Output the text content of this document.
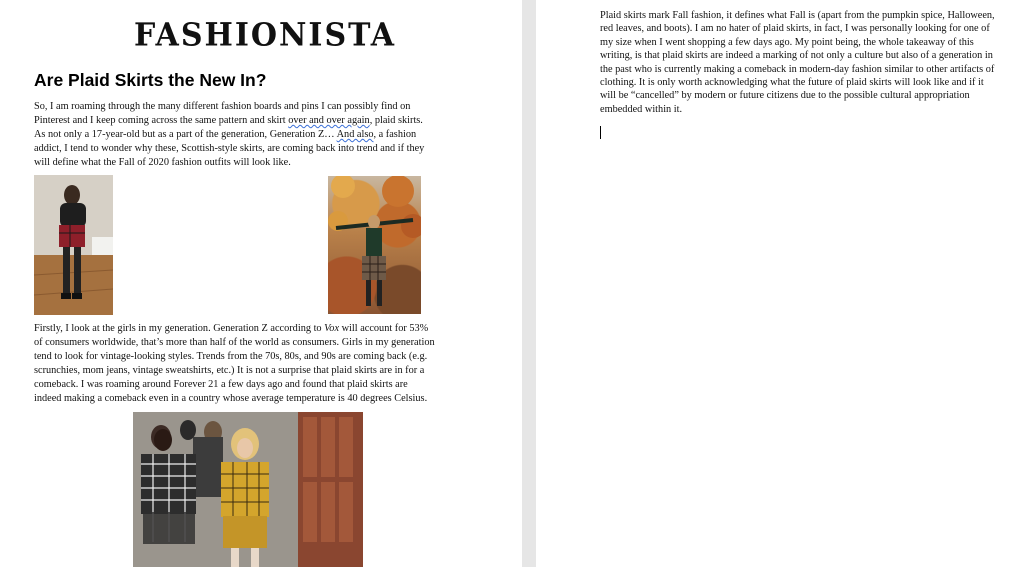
FASHIONISTA
Are Plaid Skirts the New In?
So, I am roaming through the many different fashion boards and pins I can possibly find on
Pinterest and I keep coming across the same pattern and skirt over and over again, plaid skirts.
As not only a 17-year-old but as a part of the generation, Generation Z… And also, a fashion
addict, I tend to wonder why these, Scottish-style skirts, are coming back into trend and if they
will define what the Fall of 2020 fashion outfits will look like.
Firstly, I look at the girls in my generation. Generation Z according to Vox will account for 53%
of consumers worldwide, that’s more than half of the world as consumers. Girls in my generation
tend to look for vintage-looking styles. Trends from the 70s, 80s, and 90s are coming back (e.g.
scrunchies, mom jeans, vintage sweatshirts, etc.) It is not a surprise that plaid skirts are in for a
comeback. I was roaming around Forever 21 a few days ago and found that plaid skirts are
indeed making a comeback even in a country whose average temperature is 40 degrees Celsius.
Plaid skirts mark Fall fashion, it defines what Fall is (apart from the pumpkin spice, Halloween,
red leaves, and boots). I am no hater of plaid skirts, in fact, I was personally looking for one of
my size when I went shopping a few days ago. My point being, the whole takeaway of this
writing, is that plaid skirts are indeed a marking of not only a culture but also of a generation in
the past who is currently making a comeback in modern-day fashion similar to other artifacts of
clothing. It is only worth acknowledging what the future of plaid skirts will look like and if it
will be “cancelled” by modern or future citizens due to the possible cultural appropriation
embedded within it.
